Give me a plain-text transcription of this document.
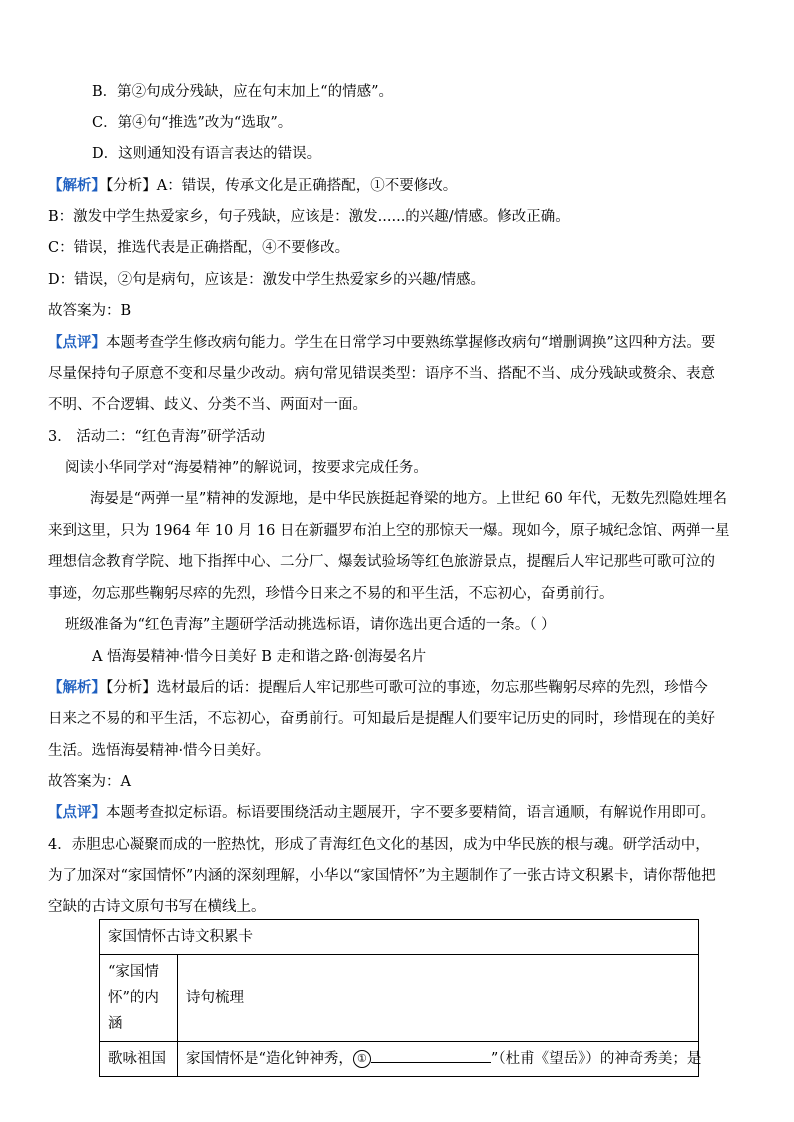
B．第②句成分残缺，应在句末加上“的情感”。
C．第④句“推选”改为“选取”。
D．这则通知没有语言表达的错误。
【解析】【分析】A：错误，传承文化是正确搭配，①不要修改。
B：激发中学生热爱家乡，句子残缺，应该是：激发......的兴趣/情感。修改正确。
C：错误，推选代表是正确搭配，④不要修改。
D：错误，②句是病句，应该是：激发中学生热爱家乡的兴趣/情感。
故答案为：B
【点评】本题考查学生修改病句能力。学生在日常学习中要熟练掌握修改病句“增删调换”这四种方法。要
尽量保持句子原意不变和尽量少改动。病句常见错误类型：语序不当、搭配不当、成分残缺或赘余、表意
不明、不合逻辑、歧义、分类不当、两面对一面。
3． 活动二：“红色青海”研学活动
阅读小华同学对“海晏精神”的解说词，按要求完成任务。
海晏是“两弹一星”精神的发源地，是中华民族挺起脊梁的地方。上世纪 60 年代，无数先烈隐姓埋名
来到这里，只为 1964 年 10 月 16 日在新疆罗布泊上空的那惊天一爆。现如今，原子城纪念馆、两弹一星
理想信念教育学院、地下指挥中心、二分厂、爆轰试验场等红色旅游景点，提醒后人牢记那些可歌可泣的
事迹，勿忘那些鞠躬尽瘁的先烈，珍惜今日来之不易的和平生活，不忘初心，奋勇前行。
班级准备为“红色青海”主题研学活动挑选标语，请你选出更合适的一条。（ ）
A 悟海晏精神·惜今日美好 B 走和谐之路·创海晏名片
【解析】【分析】选材最后的话：提醒后人牢记那些可歌可泣的事迹，勿忘那些鞠躬尽瘁的先烈，珍惜今
日来之不易的和平生活，不忘初心，奋勇前行。可知最后是提醒人们要牢记历史的同时，珍惜现在的美好
生活。选悟海晏精神·惜今日美好。
故答案为：A
【点评】本题考查拟定标语。标语要围绕活动主题展开，字不要多要精简，语言通顺，有解说作用即可。
4．赤胆忠心凝聚而成的一腔热忱，形成了青海红色文化的基因，成为中华民族的根与魂。研学活动中，
为了加深对“家国情怀”内涵的深刻理解，小华以“家国情怀”为主题制作了一张古诗文积累卡，请你帮他把
空缺的古诗文原句书写在横线上。
家国情怀古诗文积累卡	
“家国情怀”的内涵	诗句梳理
歌咏祖国	家国情怀是“造化钟神秀， ① ”（杜甫《望岳》）的神奇秀美；是
